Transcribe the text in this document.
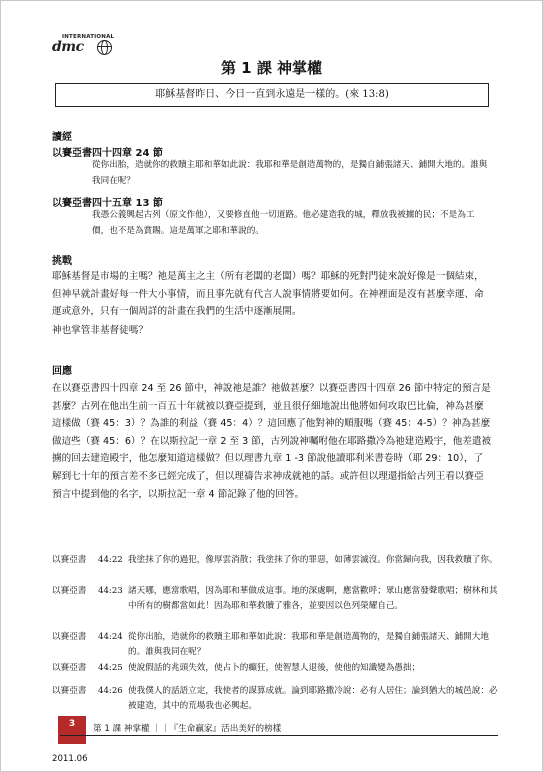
INTERNATIONAL
dmc
第 1 課 神掌權
耶穌基督昨日、今日一直到永遠是一樣的。(來 13:8)
讀經
以賽亞書四十四章 24 節
從你出胎，造就你的救贖主耶和華如此說：我耶和華是創造萬物的，是獨自鋪張諸天、鋪開大地的。誰與我同在呢？
以賽亞書四十五章 13 節
我憑公義興起古列（原文作他），又要修直他一切道路。他必建造我的城，釋放我被擄的民；不是為工價，也不是為賞賜。這是萬軍之耶和華說的。
挑戰
耶穌基督是市場的主嗎？祂是萬主之主（所有老闆的老闆）嗎？耶穌的死對門徒來說好像是一個結束，但神早就計畫好每一件大小事情，而且事先就有代言人說事情將要如何。在神裡面是沒有甚麼幸運、命運或意外，只有一個周詳的計畫在我們的生活中逐漸展開。
神也掌管非基督徒嗎？
回應
在以賽亞書四十四章 24 至 26 節中，神說祂是誰？祂做甚麼？以賽亞書四十四章 26 節中特定的預言是甚麼？古列在他出生前一百五十年就被以賽亞提到，並且很仔細地說出他將如何攻取巴比倫，神為甚麼這樣做（賽 45：3）？為誰的利益（賽 45：4）？這回應了他對神的順服嗎（賽 45：4-5）？神為甚麼做這些（賽 45：6）？在以斯拉記一章 2 至 3 節，古列說神囑咐他在耶路撒冷為祂建造殿宇，他差遣被擄的回去建造殿宇，他怎麼知道這樣做？但以理書九章 1 -3 節說他讀耶利米書卷時（耶 29：10），了解到七十年的預言差不多已經完成了，但以理禱告求神成就祂的話。或許但以理還指給古列王看以賽亞預言中提到他的名字，以斯拉記一章 4 節記錄了他的回答。
以賽亞書	44:22 我塗抹了你的過犯，像厚雲消散；我塗抹了你的罪惡，如薄雲滅沒。你當歸向我，因我救贖了你。
以賽亞書	44:23 諸天哪，應當歌唱，因為耶和華做成這事。地的深處啊，應當歡呼；眾山應當發聲歌唱；樹林和其中所有的樹都當如此！因為耶和華救贖了雅各，並要因以色列榮耀自己。
以賽亞書	44:24 從你出胎，造就你的救贖主耶和華如此說：我耶和華是創造萬物的，是獨自鋪張諸天、鋪開大地的。誰與我同在呢？
以賽亞書	44:25 使說假話的兆頭失效，使占卜的癲狂，使智慧人退後，使他的知識變為愚拙；
以賽亞書	44:26 使我僕人的話語立定，我使者的謀算成就。論到耶路撒冷說：必有人居住；論到猶大的城邑說：必被建造，其中的荒場我也必興起。
3	第 1 課 神掌權 ｜｜『生命贏家』活出美好的榜樣
2011.06
